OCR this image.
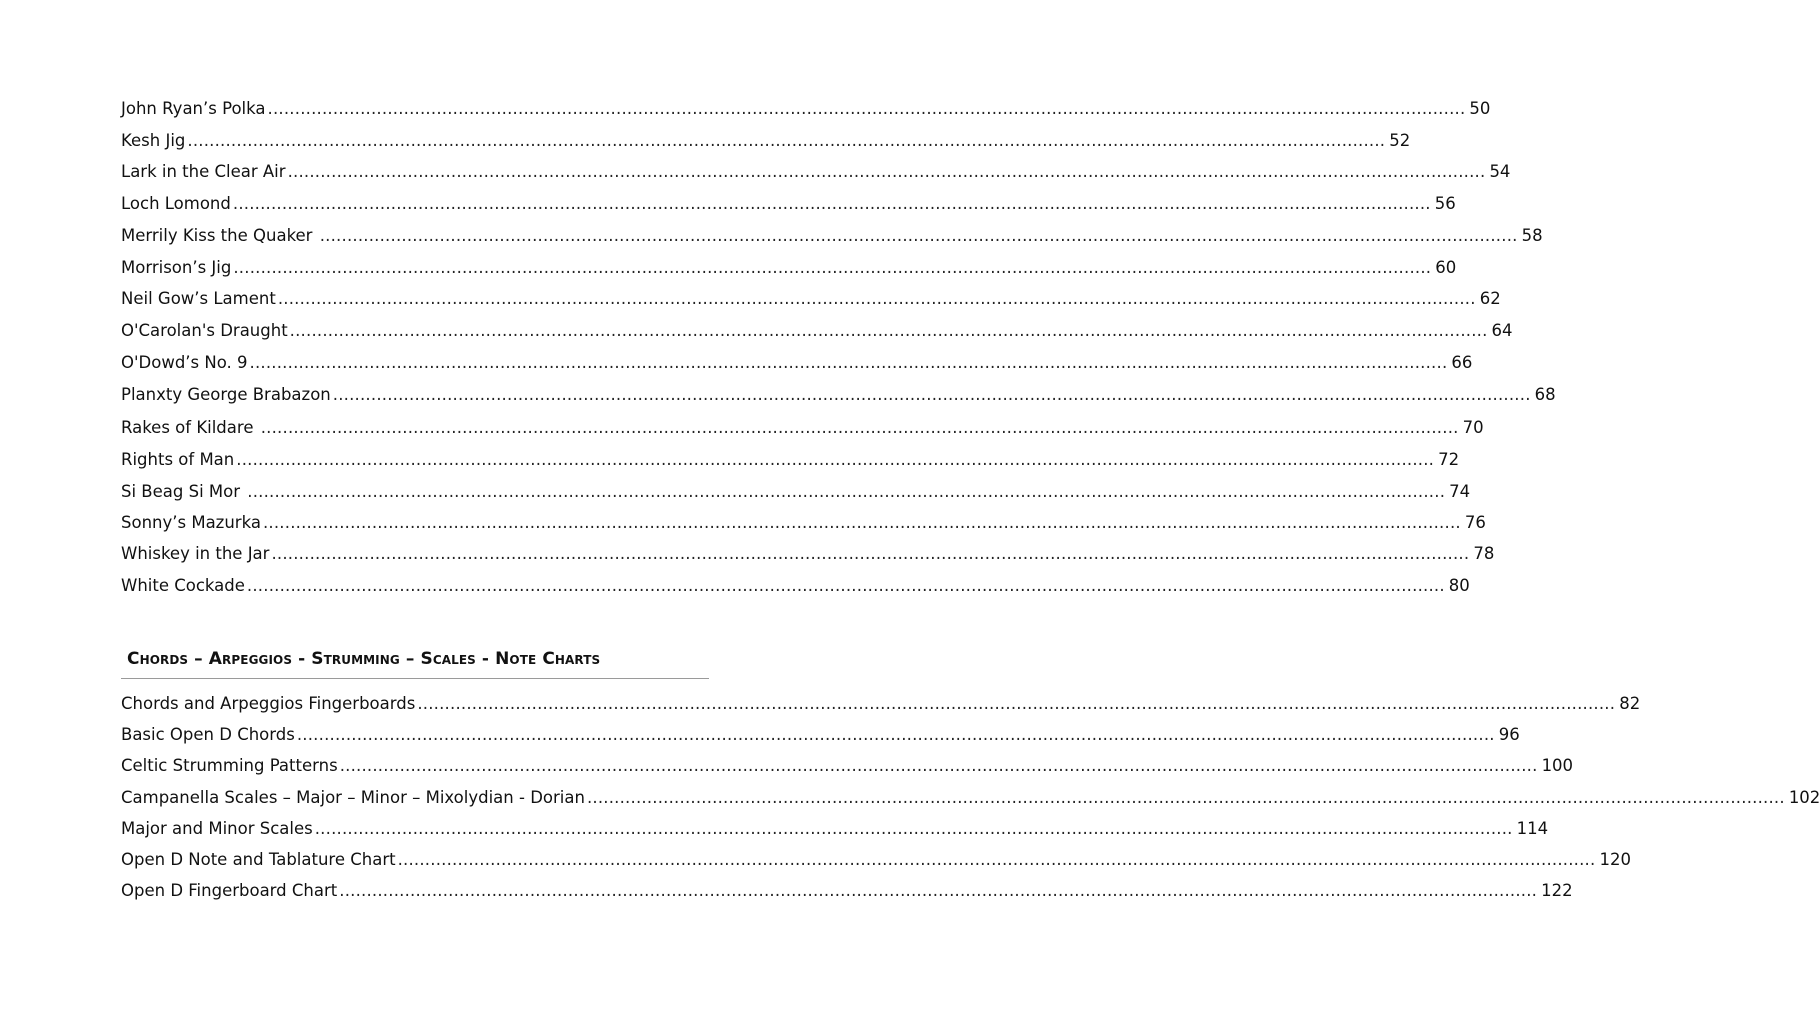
John Ryan’s Polka ............................................................................................................................................................................................................................ 50
Kesh Jig ............................................................................................................................................................................................................................ 52
Lark in the Clear Air ............................................................................................................................................................................................................................ 54
Loch Lomond ............................................................................................................................................................................................................................ 56
Merrily Kiss the Quaker ............................................................................................................................................................................................................................ 58
Morrison’s Jig ............................................................................................................................................................................................................................ 60
Neil Gow’s Lament ............................................................................................................................................................................................................................ 62
O'Carolan's Draught ............................................................................................................................................................................................................................ 64
O'Dowd’s No. 9 ............................................................................................................................................................................................................................ 66
Planxty George Brabazon ............................................................................................................................................................................................................................ 68
Rakes of Kildare ............................................................................................................................................................................................................................ 70
Rights of Man ............................................................................................................................................................................................................................ 72
Si Beag Si Mor ............................................................................................................................................................................................................................ 74
Sonny’s Mazurka ............................................................................................................................................................................................................................ 76
Whiskey in the Jar ............................................................................................................................................................................................................................ 78
White Cockade ............................................................................................................................................................................................................................ 80
Chords – Arpeggios - Strumming – Scales - Note Charts
Chords and Arpeggios Fingerboards ............................................................................................................................................................................................................................ 82
Basic Open D Chords ............................................................................................................................................................................................................................ 96
Celtic Strumming Patterns ............................................................................................................................................................................................................................ 100
Campanella Scales – Major – Minor – Mixolydian - Dorian ............................................................................................................................................................................................................................ 102
Major and Minor Scales ............................................................................................................................................................................................................................ 114
Open D Note and Tablature Chart ............................................................................................................................................................................................................................ 120
Open D Fingerboard Chart ............................................................................................................................................................................................................................ 122
